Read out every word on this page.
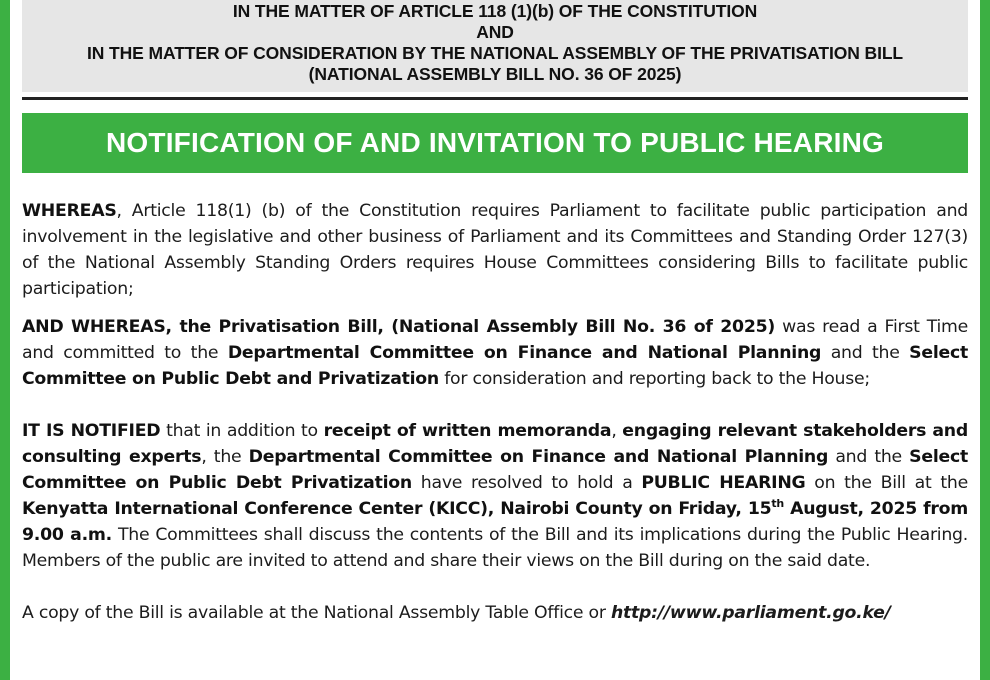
IN THE MATTER OF ARTICLE 118 (1)(b) OF THE CONSTITUTION
AND
IN THE MATTER OF CONSIDERATION BY THE NATIONAL ASSEMBLY OF THE PRIVATISATION BILL
(NATIONAL ASSEMBLY BILL NO. 36 OF 2025)
NOTIFICATION OF AND INVITATION TO PUBLIC HEARING

WHEREAS, Article 118(1) (b) of the Constitution requires Parliament to facilitate public participation and involvement in the legislative and other business of Parliament and its Committees and Standing Order 127(3) of the National Assembly Standing Orders requires House Committees considering Bills to facilitate public participation;

AND WHEREAS, the Privatisation Bill, (National Assembly Bill No. 36 of 2025) was read a First Time and committed to the Departmental Committee on Finance and National Planning and the Select Committee on Public Debt and Privatization for consideration and reporting back to the House;

IT IS NOTIFIED that in addition to receipt of written memoranda, engaging relevant stakeholders and consulting experts, the Departmental Committee on Finance and National Planning and the Select Committee on Public Debt Privatization have resolved to hold a PUBLIC HEARING on the Bill at the Kenyatta International Conference Center (KICC), Nairobi County on Friday, 15th August, 2025 from 9.00 a.m. The Committees shall discuss the contents of the Bill and its implications during the Public Hearing. Members of the public are invited to attend and share their views on the Bill during on the said date.

A copy of the Bill is available at the National Assembly Table Office or http://www.parliament.go.ke/
